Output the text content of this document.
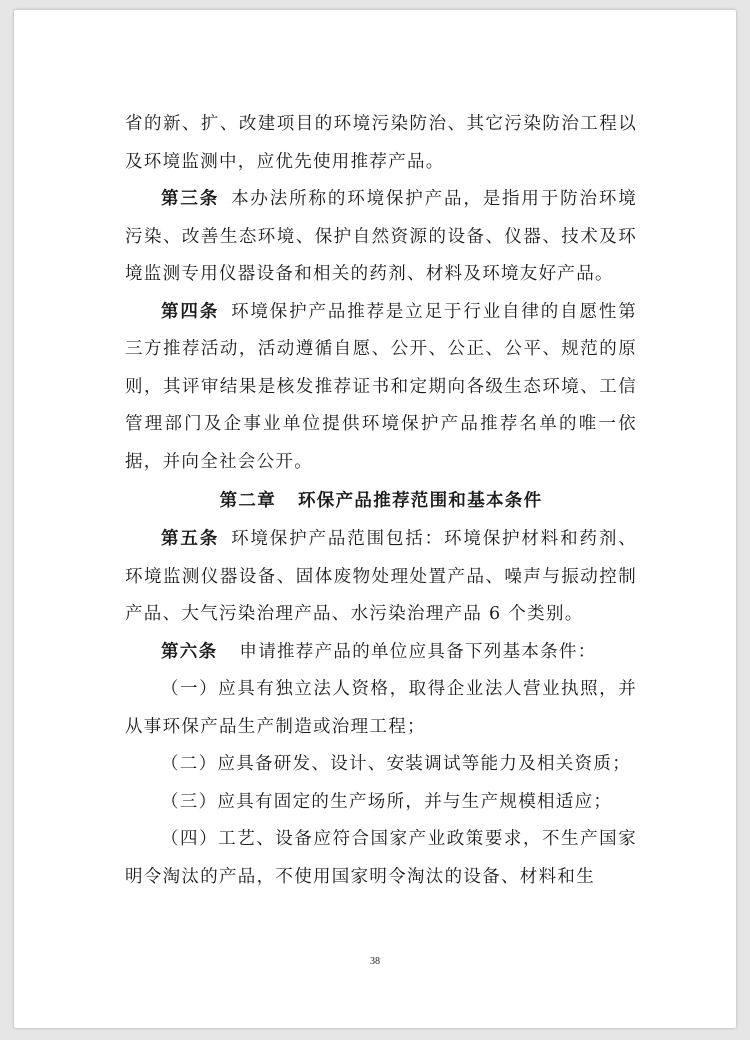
省的新、扩、改建项目的环境污染防治、其它污染防治工程以及环境监测中，应优先使用推荐产品。

第三条 本办法所称的环境保护产品，是指用于防治环境污染、改善生态环境、保护自然资源的设备、仪器、技术及环境监测专用仪器设备和相关的药剂、材料及环境友好产品。

第四条 环境保护产品推荐是立足于行业自律的自愿性第三方推荐活动，活动遵循自愿、公开、公正、公平、规范的原则，其评审结果是核发推荐证书和定期向各级生态环境、工信管理部门及企事业单位提供环境保护产品推荐名单的唯一依据，并向全社会公开。

第二章 环保产品推荐范围和基本条件

第五条 环境保护产品范围包括：环境保护材料和药剂、环境监测仪器设备、固体废物处理处置产品、噪声与振动控制产品、大气污染治理产品、水污染治理产品 6 个类别。

第六条 申请推荐产品的单位应具备下列基本条件：

（一）应具有独立法人资格，取得企业法人营业执照，并从事环保产品生产制造或治理工程；

（二）应具备研发、设计、安装调试等能力及相关资质；

（三）应具有固定的生产场所，并与生产规模相适应；

（四）工艺、设备应符合国家产业政策要求，不生产国家明令淘汰的产品，不使用国家明令淘汰的设备、材料和生

38
